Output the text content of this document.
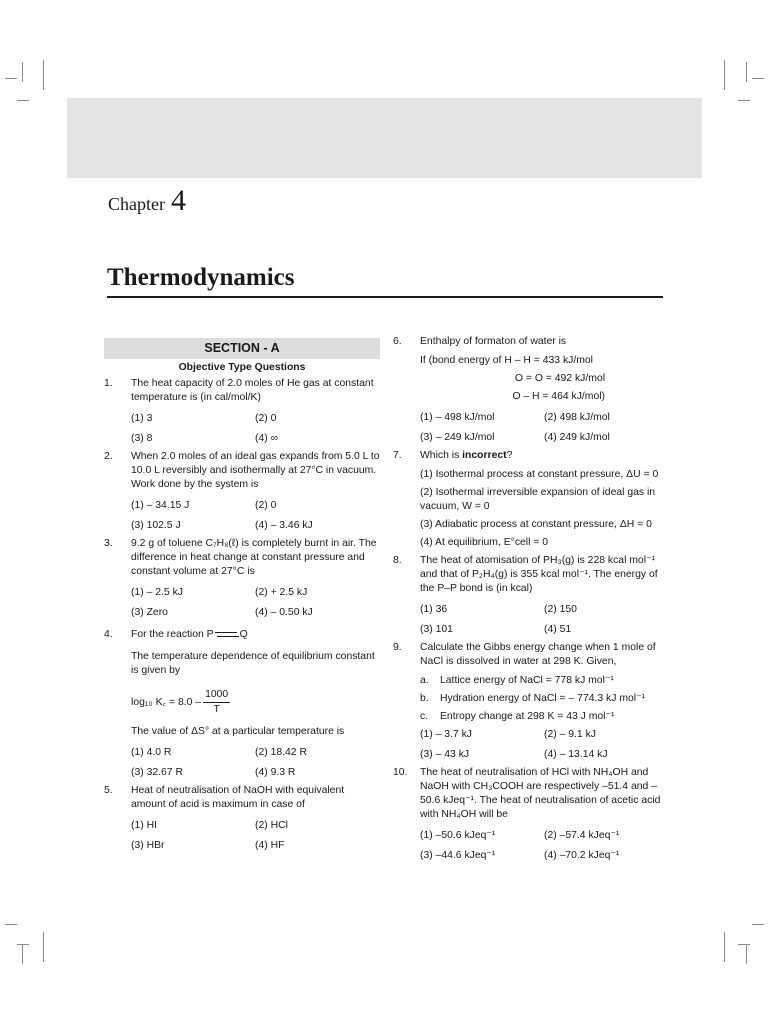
Chapter 4
Thermodynamics
SECTION - A
Objective Type Questions
1. The heat capacity of 2.0 moles of He gas at constant temperature is (in cal/mol/K)
(1) 3	(2) 0
(3) 8	(4) ∞
2. When 2.0 moles of an ideal gas expands from 5.0 L to 10.0 L reversibly and isothermally at 27°C in vacuum. Work done by the system is
(1) – 34.15 J	(2) 0
(3) 102.5 J	(4) – 3.46 kJ
3. 9.2 g of toluene C₇H₈(ℓ) is completely burnt in air. The difference in heat change at constant pressure and constant volume at 27°C is
(1) – 2.5 kJ	(2) + 2.5 kJ
(3) Zero	(4) – 0.50 kJ
4. For the reaction P	Q
The temperature dependence of equilibrium constant is given by
log₁₀ K꜀ = $8.0 - \frac{1000}{T}$
The value of ΔS° at a particular temperature is
(1) 4.0 R	(2) 18.42 R
(3) 32.67 R	(4) 9.3 R
5. Heat of neutralisation of NaOH with equivalent amount of acid is maximum in case of
(1) HI	(2) HCl
(3) HBr	(4) HF
6. Enthalpy of formaton of water is
If (bond energy of H – H = 433 kJ/mol
O = O = 492 kJ/mol
O – H = 464 kJ/mol)
(1) – 498 kJ/mol	(2) 498 kJ/mol
(3) – 249 kJ/mol	(4) 249 kJ/mol
7. Which is incorrect?
(1) Isothermal process at constant pressure, ΔU = 0
(2) Isothermal irreversible expansion of ideal gas in vacuum, W = 0
(3) Adiabatic process at constant pressure, ΔH = 0
(4) At equilibrium, E°cell = 0
8. The heat of atomisation of PH₃(g) is 228 kcal mol⁻¹ and that of P₂H₄(g) is 355 kcal mol⁻¹. The energy of the P–P bond is (in kcal)
(1) 36	(2) 150
(3) 101	(4) 51
9. Calculate the Gibbs energy change when 1 mole of NaCl is dissolved in water at 298 K. Given,
a.	Lattice energy of NaCl = 778 kJ mol⁻¹
b.	Hydration energy of NaCl = – 774.3 kJ mol⁻¹
c.	Entropy change at 298 K = 43 J mol⁻¹
(1) – 3.7 kJ	(2) – 9.1 kJ
(3) – 43 kJ	(4) – 13.14 kJ
10. The heat of neutralisation of HCl with NH₄OH and NaOH with CH₃COOH are respectively –51.4 and –50.6 kJeq⁻¹. The heat of neutralisation of acetic acid with NH₄OH will be
(1) –50.6 kJeq⁻¹	(2) –57.4 kJeq⁻¹
(3) –44.6 kJeq⁻¹	(4) –70.2 kJeq⁻¹
